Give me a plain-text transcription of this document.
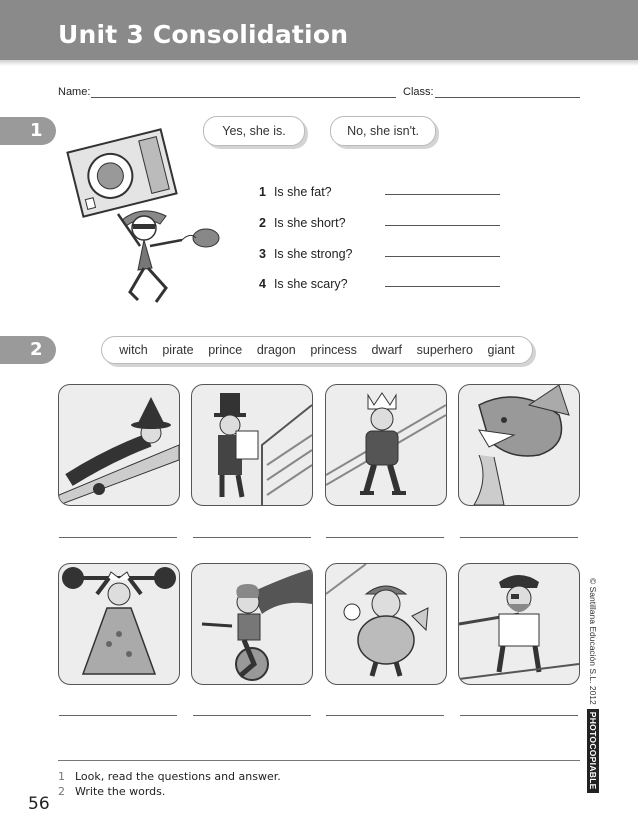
Unit 3 Consolidation
Name:	Class:
1	Yes, she is.	No, she isn't.
1 Is she fat?
2 Is she short?
3 Is she strong?
4 Is she scary?
2	witch pirate prince dragon princess dwarf superhero giant
© Santillana Educación S.L. 2012PHOTOCOPIABLE
1 Look, read the questions and answer.
2 Write the words.
56
